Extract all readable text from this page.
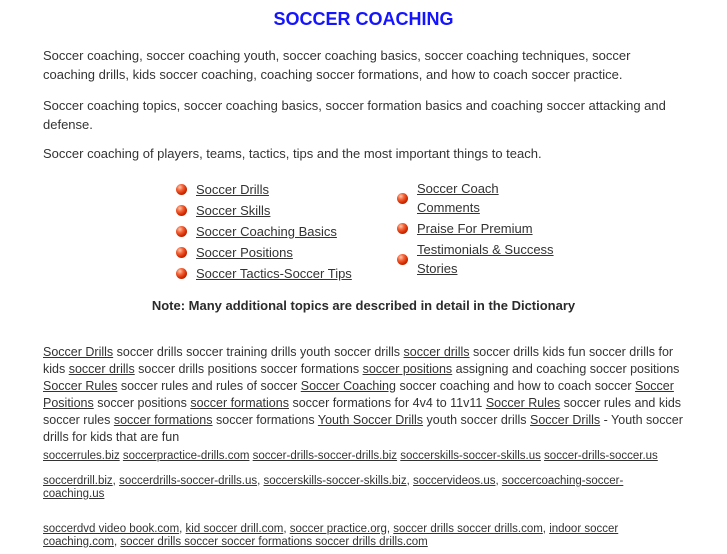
SOCCER COACHING

Soccer coaching, soccer coaching youth, soccer coaching basics, soccer coaching techniques, soccer coaching drills, kids soccer coaching, coaching soccer formations, and how to coach soccer practice.

Soccer coaching topics, soccer coaching basics, soccer formation basics and coaching soccer attacking and defense.

Soccer coaching of players, teams, tactics, tips and the most important things to teach.

Soccer Drills
Soccer Skills
Soccer Coaching Basics
Soccer Positions
Soccer Tactics-Soccer Tips
Soccer Coach Comments
Praise For Premium
Testimonials & Success Stories

Note: Many additional topics are described in detail in the Dictionary

Soccer Drills soccer drills soccer training drills youth soccer drills soccer drills soccer drills kids fun soccer drills for kids soccer drills soccer drills positions soccer formations soccer positions assigning and coaching soccer positions Soccer Rules soccer rules and rules of soccer Soccer Coaching soccer coaching and how to coach soccer Soccer Positions soccer positions soccer formations soccer formations for 4v4 to 11v11 Soccer Rules soccer rules and kids soccer rules soccer formations soccer formations Youth Soccer Drills youth soccer drills Soccer Drills - Youth soccer drills for kids that are fun

soccerrules.biz soccerpractice-drills.com soccer-drills-soccer-drills.biz soccerskills-soccer-skills.us soccer-drills-soccer.us

soccerdrill.biz, soccerdrills-soccer-drills.us, soccerskills-soccer-skills.biz, soccervideos.us, soccercoaching-soccer-coaching.us

soccerdvd video book.com, kid soccer drill.com, soccer practice.org, soccer drills soccer drills.com, indoor soccer coaching.com, soccer drills soccer soccer formations soccer drills drills.com
